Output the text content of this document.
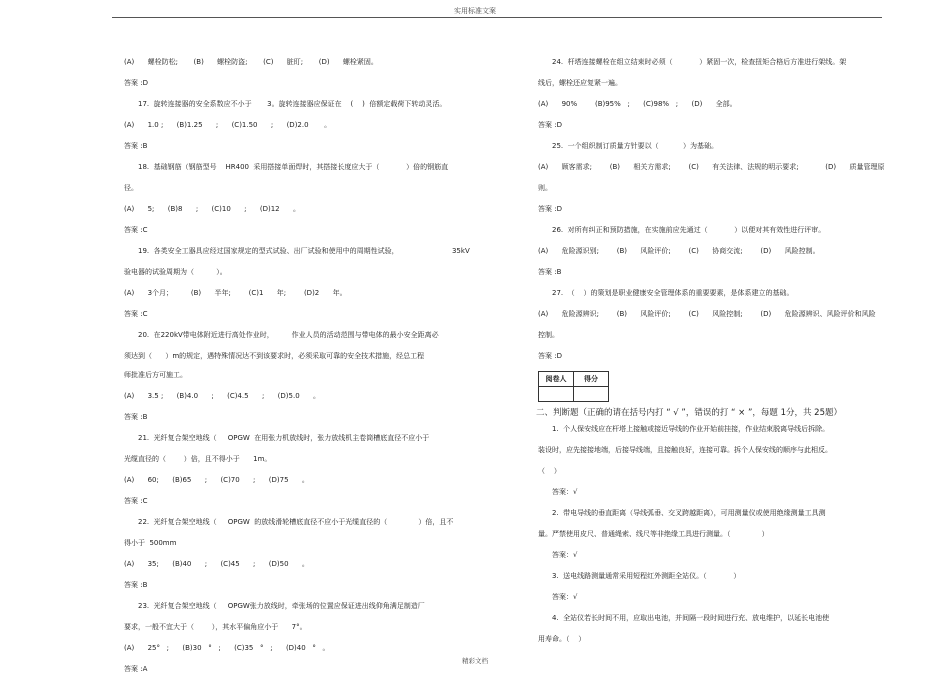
实用标准文案
(A)      螺栓防松;       (B)      螺栓防盗;       (C)      脏盯;       (D)      螺栓紧固。
答案 :D
17.  旋转连接器的安全系数应不小于       3。旋转连接器应保证在    (    )  倍额定载荷下转动灵活。
(A)      1.0 ;      (B)1.25      ;      (C)1.50      ;      (D)2.0       。
答案 :B
18.  基础钢筋（钢筋型号    HR400  采用搭接单面焊时，其搭接长度应大于（            ）倍的钢筋直
径。
(A)      5;      (B)8      ;      (C)10      ;      (D)12      。
答案 :C
19.  各类安全工器具应经过国家规定的型式试验、出厂试验和使用中的周期性试验，                        35kV
验电器的试验周期为（          ）。
(A)      3个月；        (B)      半年;        (C)1      年;        (D)2      年。
答案 :C
20.  在220kV带电体附近进行高处作业时，        作业人员的活动范围与带电体的最小安全距离必
须达到（      ）m的规定，遇特殊情况达不到该要求时，必须采取可靠的安全技术措施，经总工程
师批准后方可施工。
(A)      3.5 ;      (B)4.0      ;      (C)4.5      ;      (D)5.0      。
答案 :B
21.  光纤复合架空地线（     OPGW  在用张力机放线时，张力放线机主卷筒槽底直径不应小于
光缆直径的（        ）倍，且不得小于      1m。
(A)      60;      (B)65      ;      (C)70      ;      (D)75      。
答案 :C
22.  光纤复合架空地线（     OPGW  的放线滑轮槽底直径不应小于光缆直径的（              ）倍，且不
得小于  500mm
(A)      35;      (B)40      ;      (C)45      ;      (D)50      。
答案 :B
23.  光纤复合架空地线（     OPGW张力放线时，牵张场的位置应保证进出线仰角满足制造厂
要求，一般不宜大于（        ），其水平偏角应小于      7°。
(A)      25°   ;      (B)30   °   ;      (C)35   °   ;      (D)40   °   。
答案 :A
24.  杆塔连接螺栓在组立结束时必须（            ）紧固一次，检查扭矩合格后方准进行架线。架
线后，螺栓还应复紧一遍。
(A)      90%        (B)95%   ;      (C)98%   ;      (D)      全部。
答案 :D
25.  一个组织制订质量方针要以（           ）为基础。
(A)      顾客需求;        (B)      相关方需求;        (C)      有关法律、法规的明示要求;            (D)      质量管理原
则。
答案 :D
26.  对所有纠正和预防措施，在实施前应先通过（            ）以便对其有效性进行评审。
(A)      危险源识别;        (B)      风险评价;        (C)      协商交流;        (D)      风险控制。
答案 :B
27.  （    ）的策划是职业健康安全管理体系的重要要素，是体系建立的基础。
(A)      危险源辨识;        (B)      风险评价;        (C)      风险控制;        (D)      危险源辨识、风险评价和风险
控制。
答案 :D
阅卷人	得分

二、判断题（正确的请在括号内打 “ √ ”，错误的打 “ × ”，每题 1分，共 25题）
1.  个人保安线应在杆塔上接触或接近导线的作业开始前挂接，作业结束脱离导线后拆除。
装设时，应先接接地端，后接导线端，且接触良好，连接可靠。拆个人保安线的顺序与此相反。
（    ）
答案：√
2.  带电导线的垂直距离（导线弧垂、交叉跨越距离），可用测量仪或使用绝缘测量工具测
量。严禁使用皮尺、普通绳索、线尺等非绝缘工具进行测量。（              ）
答案：√
3.  送电线路测量通常采用短程红外测距全站仪。（            ）
答案：√
4.  全站仪若长时间不用，应取出电池，并间隔一段时间进行充、放电维护，以延长电池使
用寿命。（    ）
精彩文档
